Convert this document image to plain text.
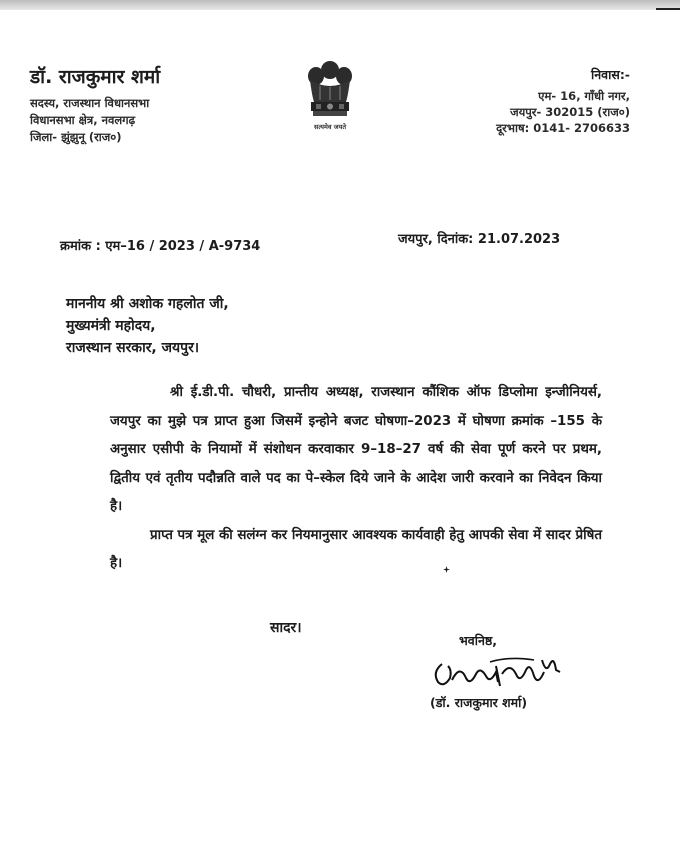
डॉ. राजकुमार शर्मा
सदस्य, राजस्थान विधानसभा
विधानसभा क्षेत्र, नवलगढ़
जिला- झुंझुनू (राज०)
सत्यमेव जयते
निवास:-
एम- 16, गाँधी नगर,
जयपुर- 302015 (राज०)
दूरभाष: 0141- 2706633
क्रमांक : एम–16 / 2023 / A-9734	जयपुर, दिनांक: 21.07.2023
माननीय श्री अशोक गहलोत जी,
मुख्यमंत्री महोदय,
राजस्थान सरकार, जयपुर।

श्री ई.डी.पी. चौधरी, प्रान्तीय अध्यक्ष, राजस्थान कौंशिक ऑफ डिप्लोमा इन्जीनियर्स, जयपुर का मुझे पत्र प्राप्त हुआ जिसमें इन्होने बजट घोषणा–2023 में घोषणा क्रमांक –155 के अनुसार एसीपी के नियामों में संशोधन करवाकार 9–18–27 वर्ष की सेवा पूर्ण करने पर प्रथम, द्वितीय एवं तृतीय पदौन्नति वाले पद का पे–स्केल दिये जाने के आदेश जारी करवाने का निवेदन किया है।

प्राप्त पत्र मूल की सलंग्न कर नियमानुसार आवश्यक कार्यवाही हेतु आपकी सेवा में सादर प्रेषित है।

सादर।
भवनिष्ठ,
(डॉ. राजकुमार शर्मा)
